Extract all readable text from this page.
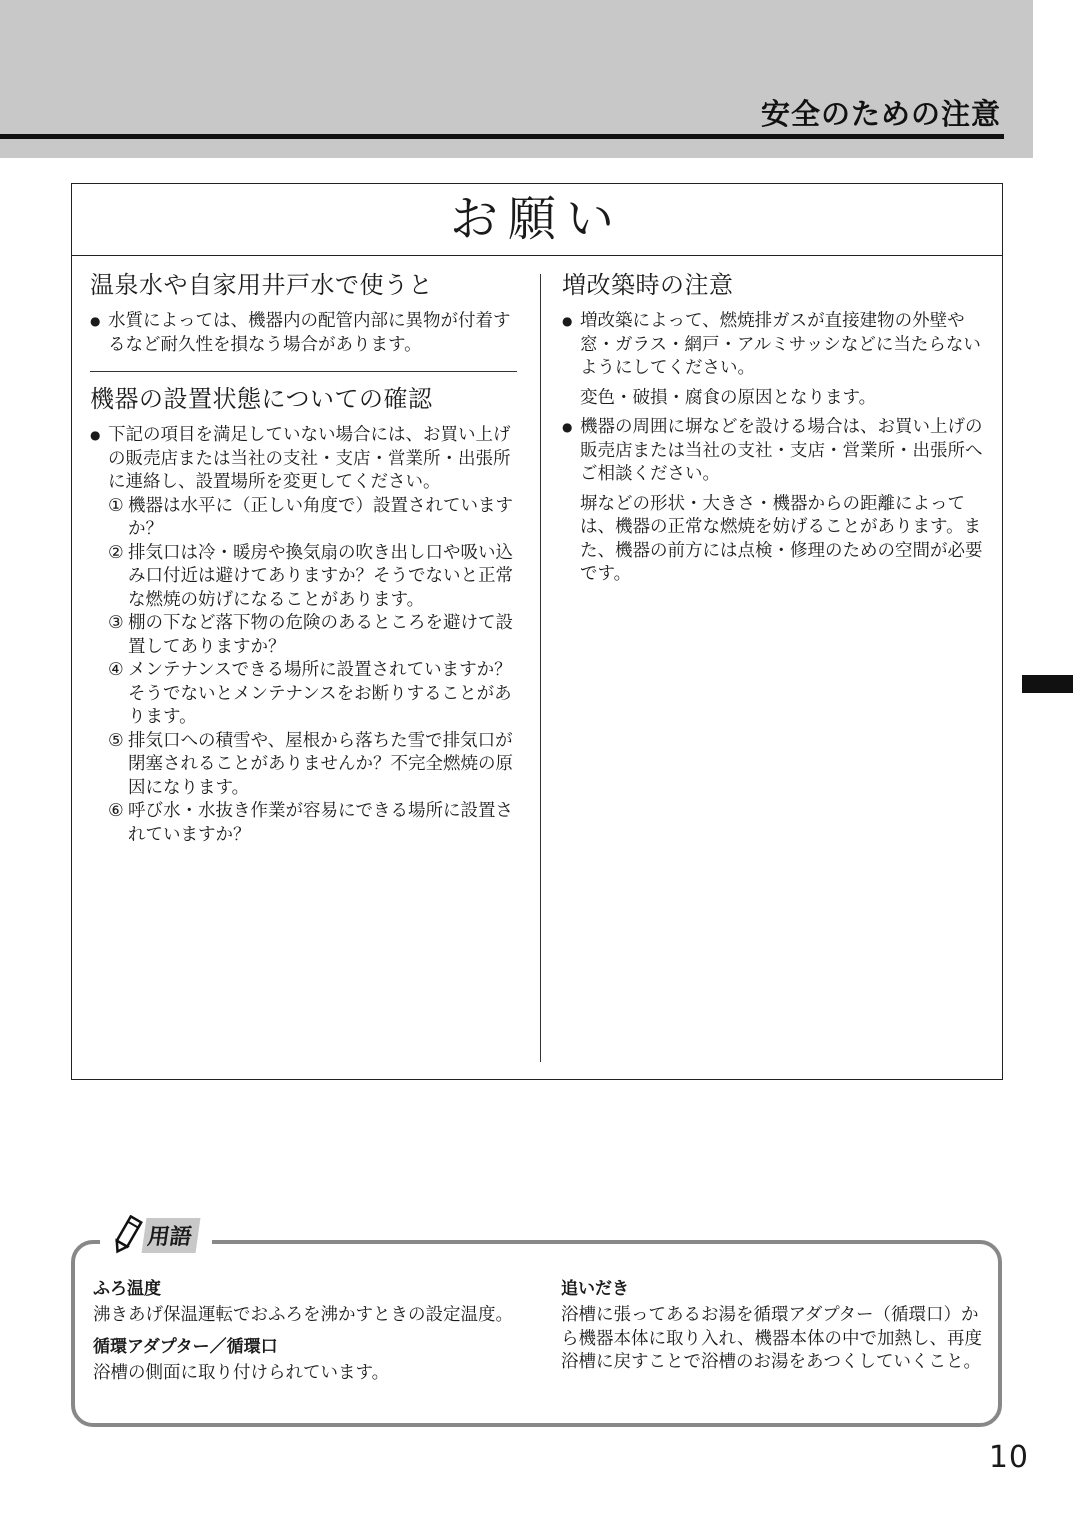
安全のための注意
お願い
温泉水や自家用井戸水で使うと

● 水質によっては、機器内の配管内部に異物が付着するなど耐久性を損なう場合があります。

機器の設置状態についての確認

● 下記の項目を満足していない場合には、お買い上げの販売店または当社の支社・支店・営業所・出張所に連絡し、設置場所を変更してください。

① 機器は水平に（正しい角度で）設置されていますか？
② 排気口は冷・暖房や換気扇の吹き出し口や吸い込み口付近は避けてありますか？そうでないと正常な燃焼の妨げになることがあります。
③ 棚の下など落下物の危険のあるところを避けて設置してありますか？
④ メンテナンスできる場所に設置されていますか？そうでないとメンテナンスをお断りすることがあります。
⑤ 排気口への積雪や、屋根から落ちた雪で排気口が閉塞されることがありませんか？不完全燃焼の原因になります。
⑥ 呼び水・水抜き作業が容易にできる場所に設置されていますか？
増改築時の注意

● 増改築によって、燃焼排ガスが直接建物の外壁や窓・ガラス・網戸・アルミサッシなどに当たらないようにしてください。

変色・破損・腐食の原因となります。

● 機器の周囲に塀などを設ける場合は、お買い上げの販売店または当社の支社・支店・営業所・出張所へご相談ください。

塀などの形状・大きさ・機器からの距離によっては、機器の正常な燃焼を妨げることがあります。また、機器の前方には点検・修理のための空間が必要です。

用語

ふろ温度

沸きあげ保温運転でおふろを沸かすときの設定温度。

循環アダプター／循環口

浴槽の側面に取り付けられています。

追いだき

浴槽に張ってあるお湯を循環アダプター（循環口）から機器本体に取り入れ、機器本体の中で加熱し、再度浴槽に戻すことで浴槽のお湯をあつくしていくこと。

10
